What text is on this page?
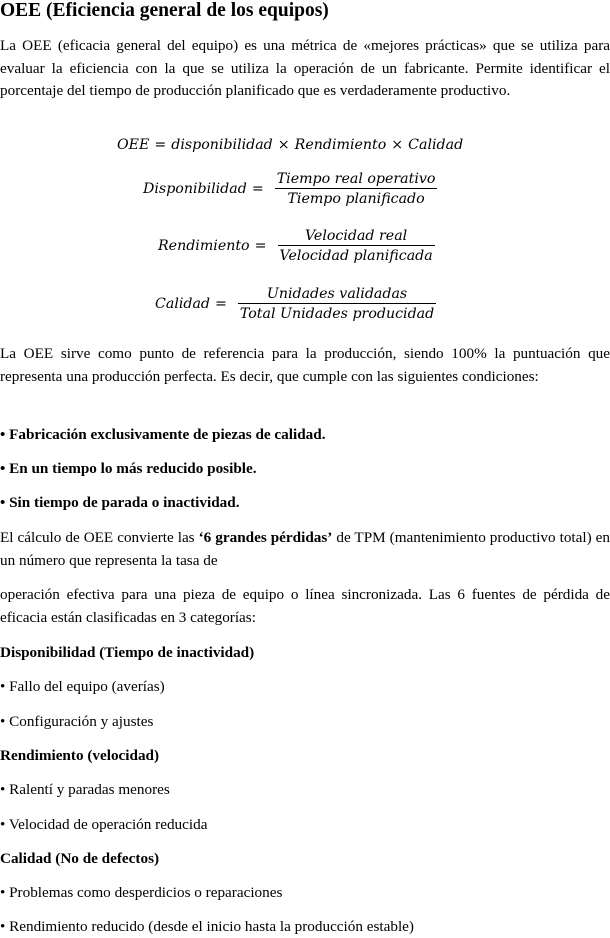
OEE (Eficiencia general de los equipos)

La OEE (eficacia general del equipo) es una métrica de «mejores prácticas» que se utiliza para evaluar la eficiencia con la que se utiliza la operación de un fabricante. Permite identificar el porcentaje del tiempo de producción planificado que es verdaderamente productivo.

OEE = disponibilidad × Rendimiento × Calidad
Disponibilidad = $\frac{\text{Tiempo real operativo}}{\text{Tiempo planificado}}$
Rendimiento = $\frac{\text{Velocidad real}}{\text{Velocidad planificada}}$
Calidad = $\frac{\text{Unidades validadas}}{\text{Total Unidades producidad}}$

La OEE sirve como punto de referencia para la producción, siendo 100% la puntuación que representa una producción perfecta. Es decir, que cumple con las siguientes condiciones:

• Fabricación exclusivamente de piezas de calidad.

• En un tiempo lo más reducido posible.

• Sin tiempo de parada o inactividad.

El cálculo de OEE convierte las ‘6 grandes pérdidas’ de TPM (mantenimiento productivo total) en un número que representa la tasa de

operación efectiva para una pieza de equipo o línea sincronizada. Las 6 fuentes de pérdida de eficacia están clasificadas en 3 categorías:

Disponibilidad (Tiempo de inactividad)

• Fallo del equipo (averías)

• Configuración y ajustes

Rendimiento (velocidad)

• Ralentí y paradas menores

• Velocidad de operación reducida

Calidad (No de defectos)

• Problemas como desperdicios o reparaciones

• Rendimiento reducido (desde el inicio hasta la producción estable)
